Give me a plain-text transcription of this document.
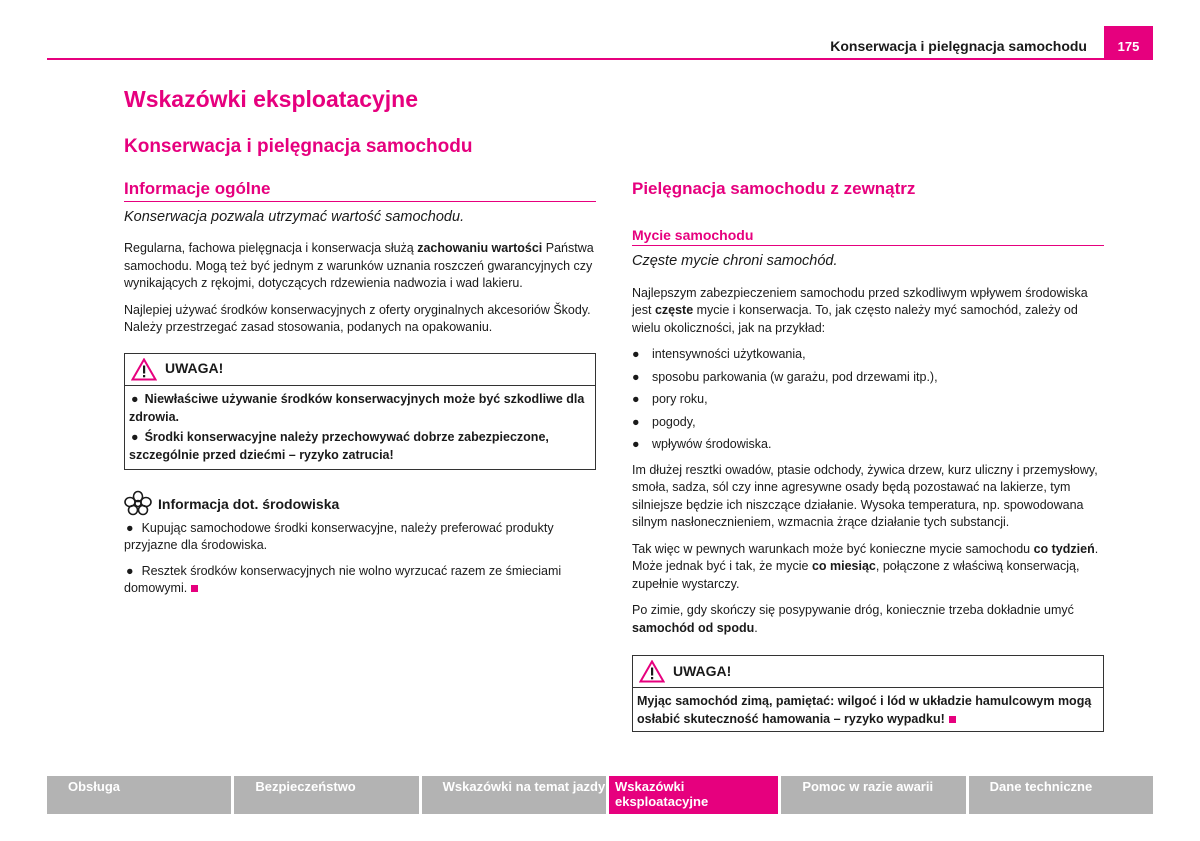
Konserwacja i pielęgnacja samochodu	175
Wskazówki eksploatacyjne
Konserwacja i pielęgnacja samochodu
Informacje ogólne
Konserwacja pozwala utrzymać wartość samochodu.

Regularna, fachowa pielęgnacja i konserwacja służą zachowaniu wartości Państwa samochodu. Mogą też być jednym z warunków uznania roszczeń gwarancyjnych czy wynikających z rękojmi, dotyczących rdzewienia nadwozia i wad lakieru.

Najlepiej używać środków konserwacyjnych z oferty oryginalnych akcesoriów Škody. Należy przestrzegać zasad stosowania, podanych na opakowaniu.

UWAGA!
● Niewłaściwe używanie środków konserwacyjnych może być szkodliwe dla zdrowia.
● Środki konserwacyjne należy przechowywać dobrze zabezpieczone, szczególnie przed dziećmi – ryzyko zatrucia!
Informacja dot. środowiska
● Kupując samochodowe środki konserwacyjne, należy preferować produkty przyjazne dla środowiska.
● Resztek środków konserwacyjnych nie wolno wyrzucać razem ze śmieciami domowymi.
Pielęgnacja samochodu z zewnątrz
Mycie samochodu
Częste mycie chroni samochód.

Najlepszym zabezpieczeniem samochodu przed szkodliwym wpływem środowiska jest częste mycie i konserwacja. To, jak często należy myć samochód, zależy od wielu okoliczności, jak na przykład:

● intensywności użytkowania,
● sposobu parkowania (w garażu, pod drzewami itp.),
● pory roku,
● pogody,
● wpływów środowiska.

Im dłużej resztki owadów, ptasie odchody, żywica drzew, kurz uliczny i przemysłowy, smoła, sadza, sól czy inne agresywne osady będą pozostawać na lakierze, tym silniejsze będzie ich niszczące działanie. Wysoka temperatura, np. spowodowana silnym nasłonecznieniem, wzmacnia żrące działanie tych substancji.

Tak więc w pewnych warunkach może być konieczne mycie samochodu co tydzień. Może jednak być i tak, że mycie co miesiąc, połączone z właściwą konserwacją, zupełnie wystarczy.

Po zimie, gdy skończy się posypywanie dróg, koniecznie trzeba dokładnie umyć samochód od spodu.

UWAGA!
Myjąc samochód zimą, pamiętać: wilgoć i lód w układzie hamulcowym mogą osłabić skuteczność hamowania – ryzyko wypadku!
Obsługa	Bezpieczeństwo	Wskazówki na temat jazdy Wskazówki eksploatacyjne
Pomoc w razie awarii	Dane techniczne
